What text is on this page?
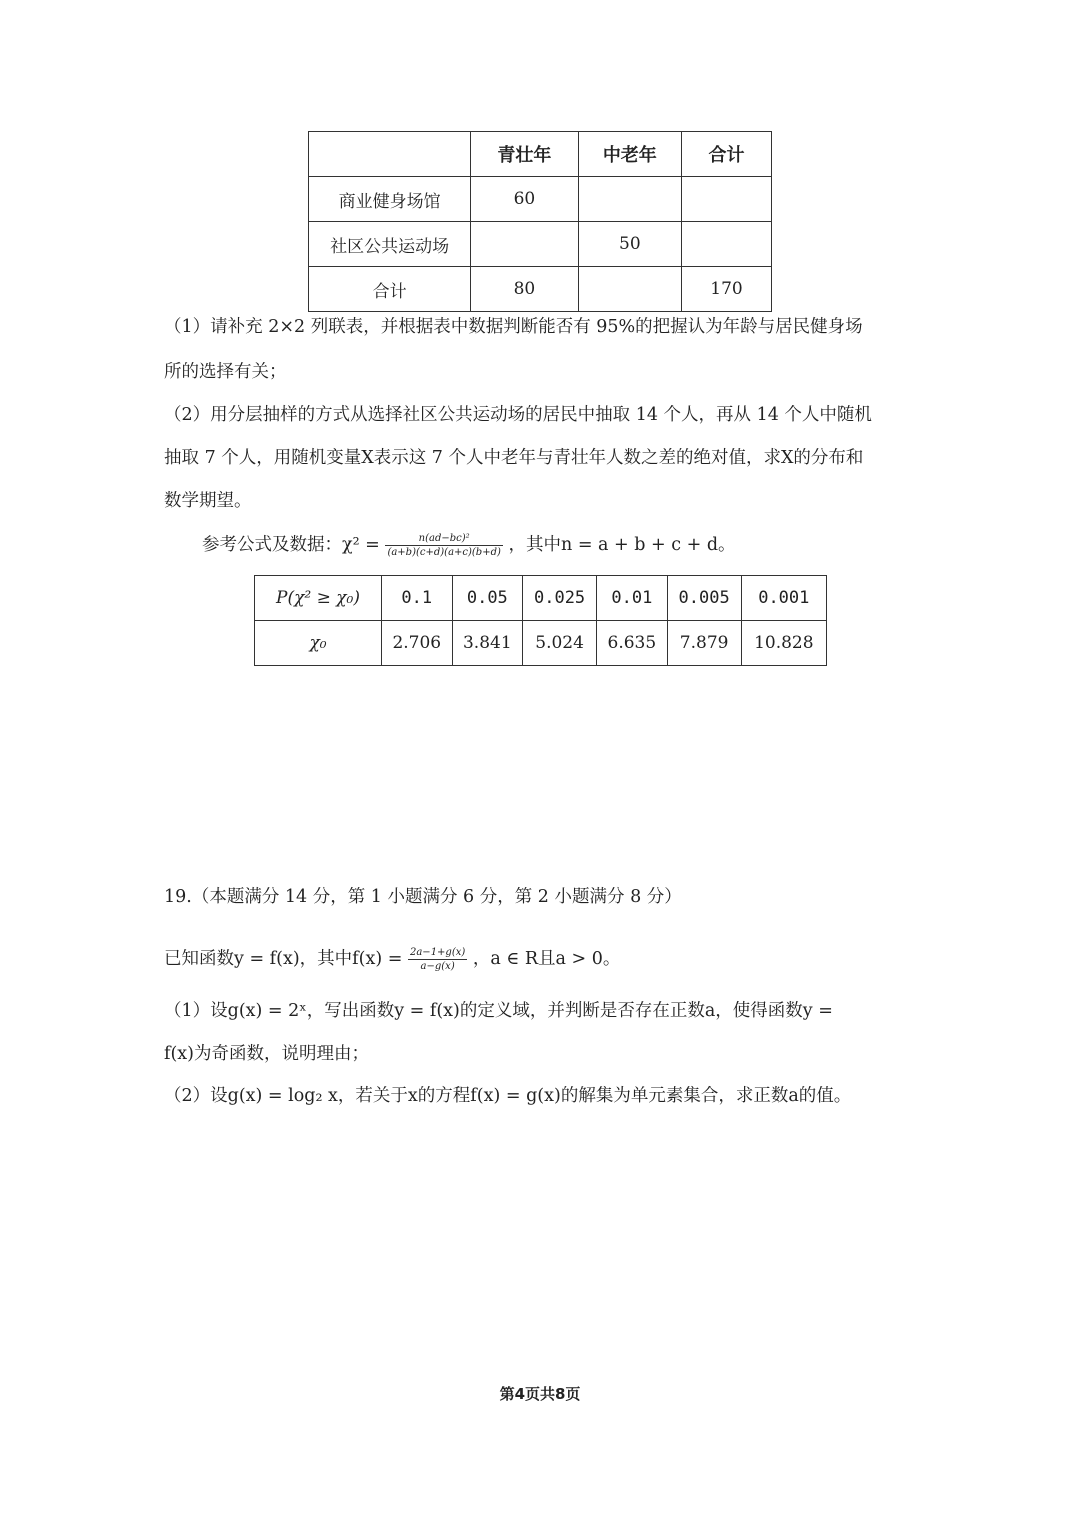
	青壮年	中老年	合计
商业健身场馆	60		
社区公共运动场		50	
合计	80		170
（1）请补充 2×2 列联表，并根据表中数据判断能否有 95%的把握认为年龄与居民健身场
所的选择有关；
（2）用分层抽样的方式从选择社区公共运动场的居民中抽取 14 个人，再从 14 个人中随机
抽取 7 个人，用随机变量X表示这 7 个人中老年与青壮年人数之差的绝对值，求X的分布和
数学期望。
参考公式及数据：$\chi^2 = \frac{\text{n(ad−bc)²}}{(a+b)(c+d)(a+c)(b+d)}$ ，其中n = a + b + c + d。
P(χ² ≥ χ₀)	0.1	0.05	0.025	0.01	0.005	0.001
χ₀	2.706	3.841	5.024	6.635	7.879	10.828
19.（本题满分 14 分，第 1 小题满分 6 分，第 2 小题满分 8 分）
已知函数y = f(x)，其中$f(x) = \frac{2a-1+g(x)}{a-g(x)}$ ，a ∈ R且a > 0。
（1）设g(x) = 2ˣ，写出函数y = f(x)的定义域，并判断是否存在正数a，使得函数y =
f(x)为奇函数，说明理由；
（2）设g(x) = log₂ x，若关于x的方程f(x) = g(x)的解集为单元素集合，求正数a的值。
第4页共8页
